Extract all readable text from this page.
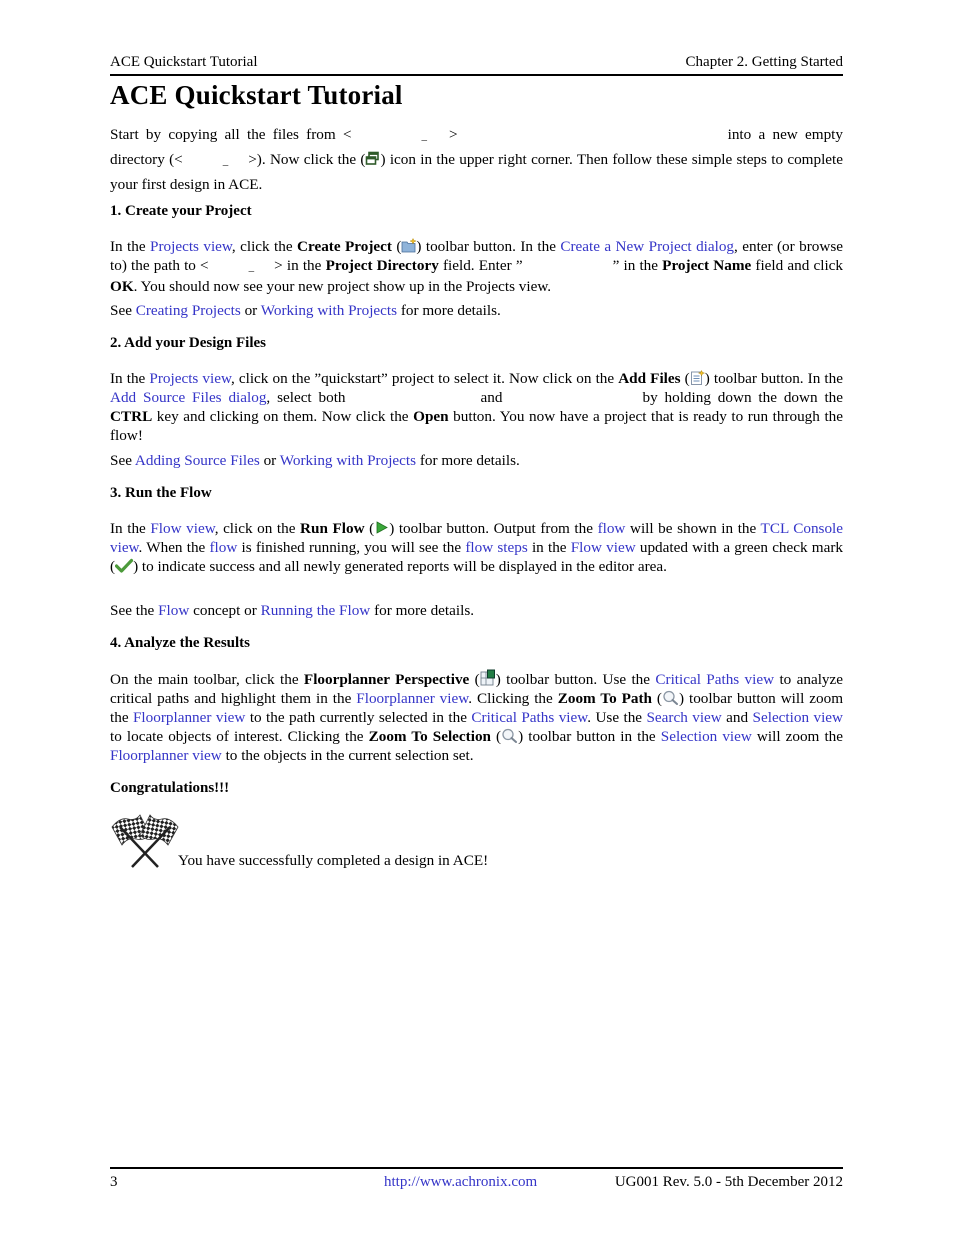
ACE Quickstart Tutorial	Chapter 2. Getting Started
ACE Quickstart Tutorial
Start by copying all the files from <	_ >	into a new empty directory (<	_ >). Now click the ( ) icon in the upper right corner. Then follow these simple steps to complete your first design in ACE.
1. Create your Project
In the Projects view, click the Create Project ( ) toolbar button. In the Create a New Project dialog, enter (or browse to) the path to <	_ > in the Project Directory field. Enter ”	” in the Project Name field and click OK. You should now see your new project show up in the Projects view.
See Creating Projects or Working with Projects for more details.
2. Add your Design Files
In the Projects view, click on the ”quickstart” project to select it. Now click on the Add Files ( ) toolbar button. In the Add Source Files dialog, select both	and	by holding down the down the CTRL key and clicking on them. Now click the Open button. You now have a project that is ready to run through the flow!
See Adding Source Files or Working with Projects for more details.
3. Run the Flow
In the Flow view, click on the Run Flow ( ) toolbar button. Output from the flow will be shown in the TCL Console view. When the flow is finished running, you will see the flow steps in the Flow view updated with a green check mark ( ) to indicate success and all newly generated reports will be displayed in the editor area.
See the Flow concept or Running the Flow for more details.
4. Analyze the Results
On the main toolbar, click the Floorplanner Perspective ( ) toolbar button. Use the Critical Paths view to analyze critical paths and highlight them in the Floorplanner view. Clicking the Zoom To Path ( ) toolbar button will zoom the Floorplanner view to the path currently selected in the Critical Paths view. Use the Search view and Selection view to locate objects of interest. Clicking the Zoom To Selection ( ) toolbar button in the Selection view will zoom the Floorplanner view to the objects in the current selection set.
Congratulations!!!
You have successfully completed a design in ACE!
3	http://www.achronix.com	UG001 Rev. 5.0 - 5th December 2012
